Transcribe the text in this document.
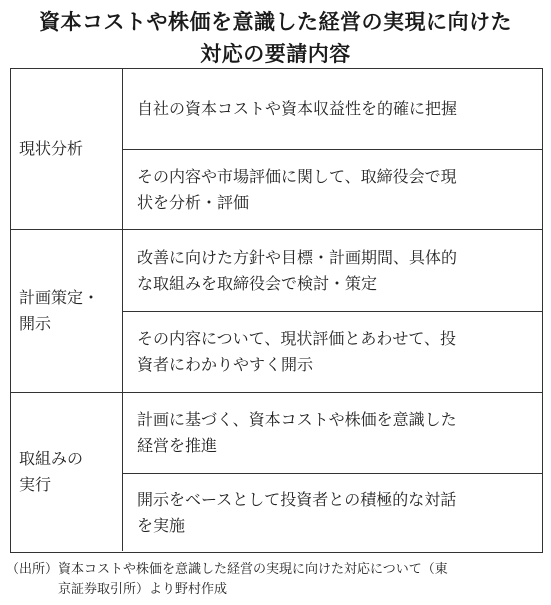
資本コストや株価を意識した経営の実現に向けた
対応の要請内容
現状分析
自社の資本コストや資本収益性を的確に把握
その内容や市場評価に関して、取締役会で現
状を分析・評価
計画策定・
開示
改善に向けた方針や目標・計画期間、具体的
な取組みを取締役会で検討・策定
その内容について、現状評価とあわせて、投
資者にわかりやすく開示
取組みの
実行
計画に基づく、資本コストや株価を意識した
経営を推進
開示をベースとして投資者との積極的な対話
を実施
（出所）資本コストや株価を意識した経営の実現に向けた対応について（東
　　　　京証券取引所）より野村作成
